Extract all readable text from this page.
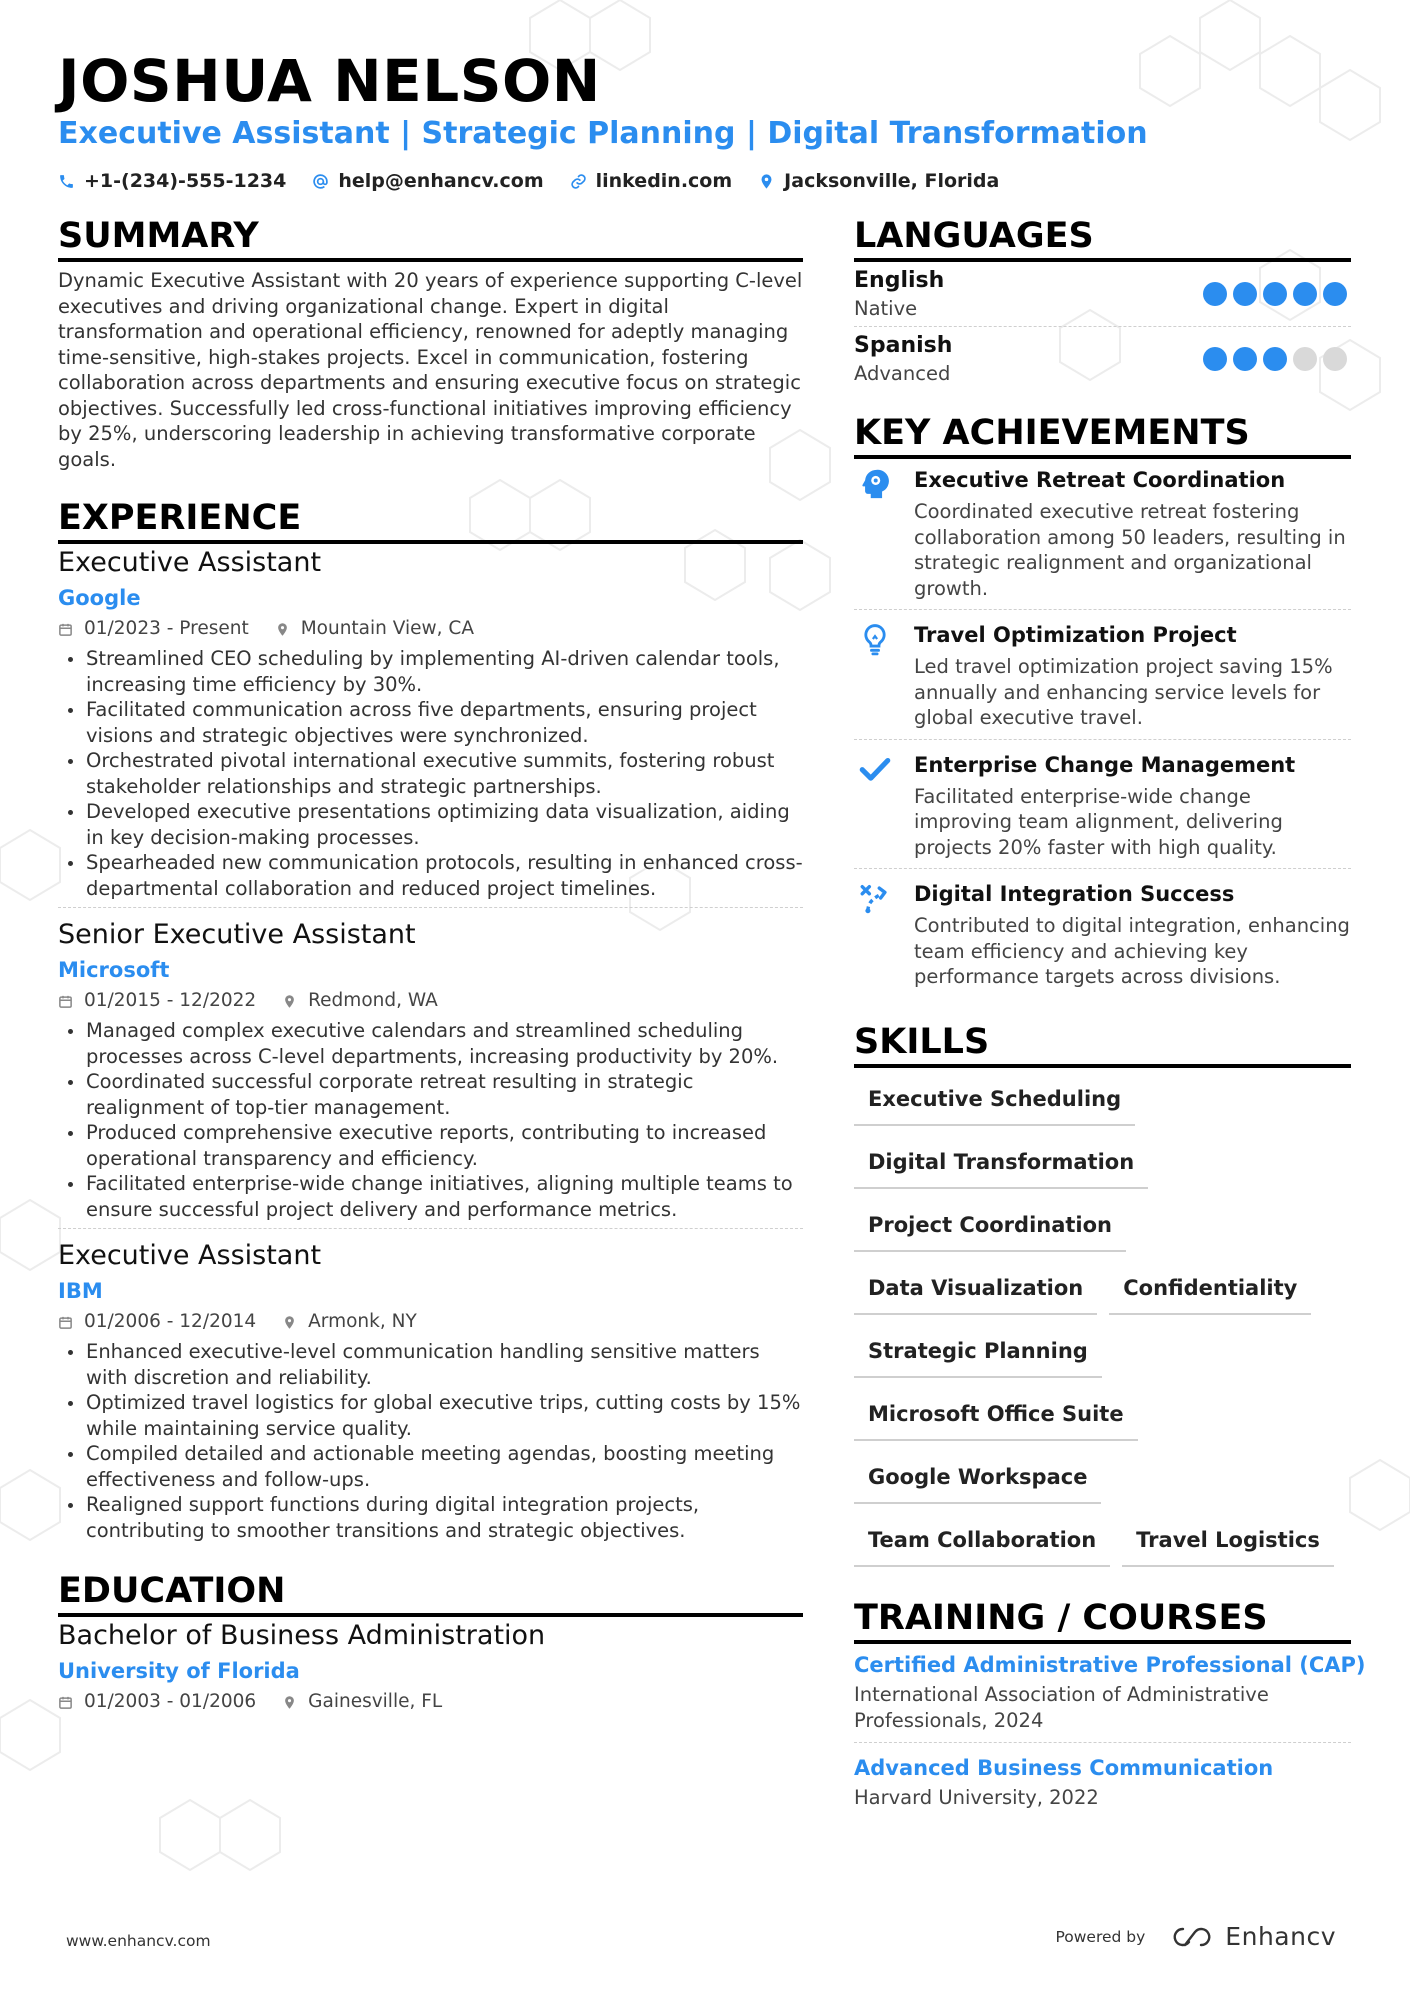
JOSHUA NELSON
Executive Assistant | Strategic Planning | Digital Transformation
+1-(234)-555-1234	help@enhancv.com	linkedin.com	Jacksonville, Florida
SUMMARY

Dynamic Executive Assistant with 20 years of experience supporting C-level executives and driving organizational change. Expert in digital transformation and operational efficiency, renowned for adeptly managing time-sensitive, high-stakes projects. Excel in communication, fostering collaboration across departments and ensuring executive focus on strategic objectives. Successfully led cross-functional initiatives improving efficiency by 25%, underscoring leadership in achieving transformative corporate goals.

EXPERIENCE
Executive Assistant
Google
01/2023 - Present	Mountain View, CA
Streamlined CEO scheduling by implementing AI-driven calendar tools, increasing time efficiency by 30%.
Facilitated communication across five departments, ensuring project visions and strategic objectives were synchronized.
Orchestrated pivotal international executive summits, fostering robust stakeholder relationships and strategic partnerships.
Developed executive presentations optimizing data visualization, aiding in key decision-making processes.
Spearheaded new communication protocols, resulting in enhanced cross-departmental collaboration and reduced project timelines.
Senior Executive Assistant
Microsoft
01/2015 - 12/2022	Redmond, WA
Managed complex executive calendars and streamlined scheduling processes across C-level departments, increasing productivity by 20%.
Coordinated successful corporate retreat resulting in strategic realignment of top-tier management.
Produced comprehensive executive reports, contributing to increased operational transparency and efficiency.
Facilitated enterprise-wide change initiatives, aligning multiple teams to ensure successful project delivery and performance metrics.
Executive Assistant
IBM
01/2006 - 12/2014	Armonk, NY
Enhanced executive-level communication handling sensitive matters with discretion and reliability.
Optimized travel logistics for global executive trips, cutting costs by 15% while maintaining service quality.
Compiled detailed and actionable meeting agendas, boosting meeting effectiveness and follow-ups.
Realigned support functions during digital integration projects, contributing to smoother transitions and strategic objectives.
EDUCATION
Bachelor of Business Administration
University of Florida
01/2003 - 01/2006	Gainesville, FL
LANGUAGES
English
Native
Spanish
Advanced
KEY ACHIEVEMENTS
Executive Retreat Coordination
Coordinated executive retreat fostering collaboration among 50 leaders, resulting in strategic realignment and organizational growth.
Travel Optimization Project
Led travel optimization project saving 15% annually and enhancing service levels for global executive travel.
Enterprise Change Management
Facilitated enterprise-wide change improving team alignment, delivering projects 20% faster with high quality.
Digital Integration Success
Contributed to digital integration, enhancing team efficiency and achieving key performance targets across divisions.
SKILLS
Executive Scheduling
Digital Transformation
Project Coordination
Data Visualization	Confidentiality
Strategic Planning
Microsoft Office Suite
Google Workspace
Team Collaboration	Travel Logistics
TRAINING / COURSES
Certified Administrative Professional (CAP)
International Association of Administrative Professionals, 2024
Advanced Business Communication
Harvard University, 2022
www.enhancv.com	Powered by	Enhancv
